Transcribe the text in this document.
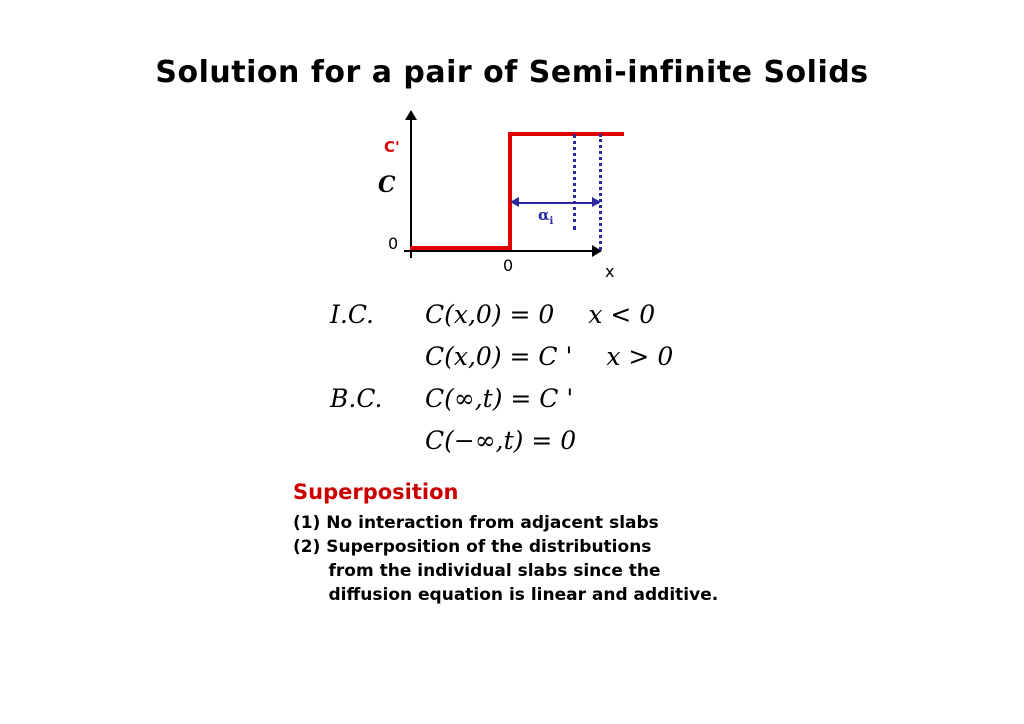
Solution for a pair of Semi-infinite Solids
C'
C
0
0	x
$\alpha_i$
I.C.	C(x,0) = 0 x < 0
C(x,0) = C ' x > 0
B.C.	C(∞,t) = C '
C(−∞,t) = 0
Superposition
(1) No interaction from adjacent slabs
(2) Superposition of the distributions
from the individual slabs since the
diffusion equation is linear and additive.
